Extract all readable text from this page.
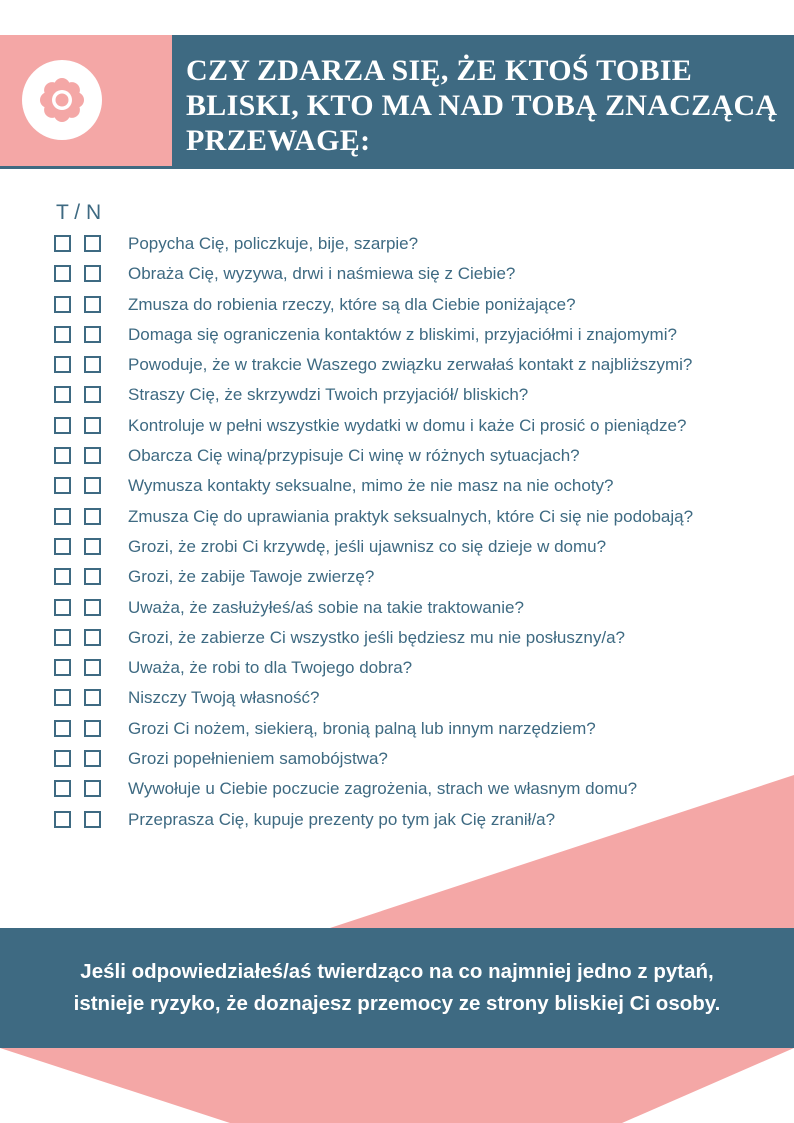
CZY ZDARZA SIĘ, ŻE KTOŚ TOBIE BLISKI, KTO MA NAD TOBĄ ZNACZĄCĄ PRZEWAGĘ:
T / N
Popycha Cię, policzkuje, bije, szarpie?
Obraża Cię, wyzywa, drwi i naśmiewa się z Ciebie?
Zmusza do robienia rzeczy, które są dla Ciebie poniżające?
Domaga się ograniczenia kontaktów z bliskimi, przyjaciółmi i znajomymi?
Powoduje, że w trakcie Waszego związku zerwałaś kontakt z najbliższymi?
Straszy Cię, że skrzywdzi Twoich przyjaciół/ bliskich?
Kontroluje w pełni wszystkie wydatki w domu i każe Ci prosić o pieniądze?
Obarcza Cię winą/przypisuje Ci winę w różnych sytuacjach?
Wymusza kontakty seksualne, mimo że nie masz na nie ochoty?
Zmusza Cię do uprawiania praktyk seksualnych, które Ci się nie podobają?
Grozi, że zrobi Ci krzywdę, jeśli ujawnisz co się dzieje w domu?
Grozi, że zabije Tawoje zwierzę?
Uważa, że zasłużyłeś/aś sobie na takie traktowanie?
Grozi, że zabierze Ci wszystko jeśli będziesz mu nie posłuszny/a?
Uważa, że robi to dla Twojego dobra?
Niszczy Twoją własność?
Grozi Ci nożem, siekierą, bronią palną lub innym narzędziem?
Grozi popełnieniem samobójstwa?
Wywołuje u Ciebie poczucie zagrożenia, strach we własnym domu?
Przeprasza Cię, kupuje prezenty po tym jak Cię zranił/a?

Jeśli odpowiedziałeś/aś twierdząco na co najmniej jedno z pytań,
istnieje ryzyko, że doznajesz przemocy ze strony bliskiej Ci osoby.
